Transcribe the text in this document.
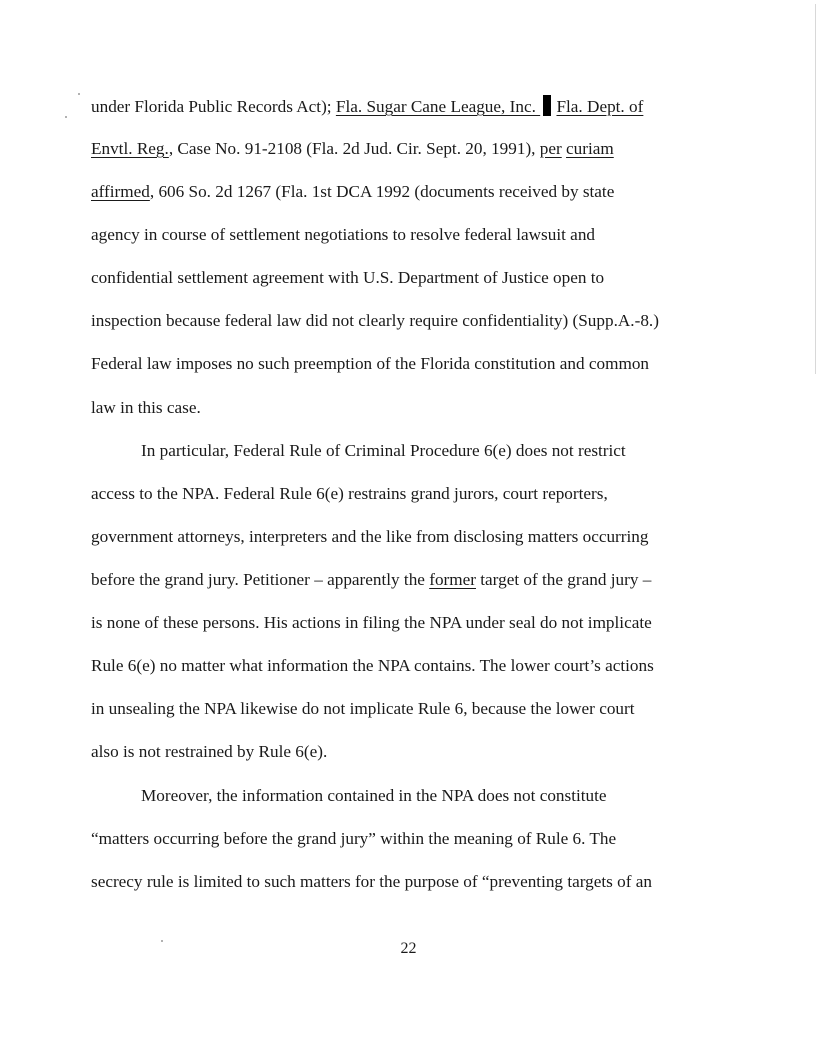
under Florida Public Records Act); Fla. Sugar Cane League, Inc.  Fla. Dept. of
Envtl. Reg., Case No. 91-2108 (Fla. 2d Jud. Cir. Sept. 20, 1991), per curiam
affirmed, 606 So. 2d 1267 (Fla. 1st DCA 1992 (documents received by state
agency in course of settlement negotiations to resolve federal lawsuit and
confidential settlement agreement with U.S. Department of Justice open to
inspection because federal law did not clearly require confidentiality) (Supp.A.-8.)
Federal law imposes no such preemption of the Florida constitution and common
law in this case.
In particular, Federal Rule of Criminal Procedure 6(e) does not restrict
access to the NPA. Federal Rule 6(e) restrains grand jurors, court reporters,
government attorneys, interpreters and the like from disclosing matters occurring
before the grand jury. Petitioner – apparently the former target of the grand jury –
is none of these persons. His actions in filing the NPA under seal do not implicate
Rule 6(e) no matter what information the NPA contains. The lower court’s actions
in unsealing the NPA likewise do not implicate Rule 6, because the lower court
also is not restrained by Rule 6(e).
Moreover, the information contained in the NPA does not constitute
“matters occurring before the grand jury” within the meaning of Rule 6. The
secrecy rule is limited to such matters for the purpose of “preventing targets of an
22
